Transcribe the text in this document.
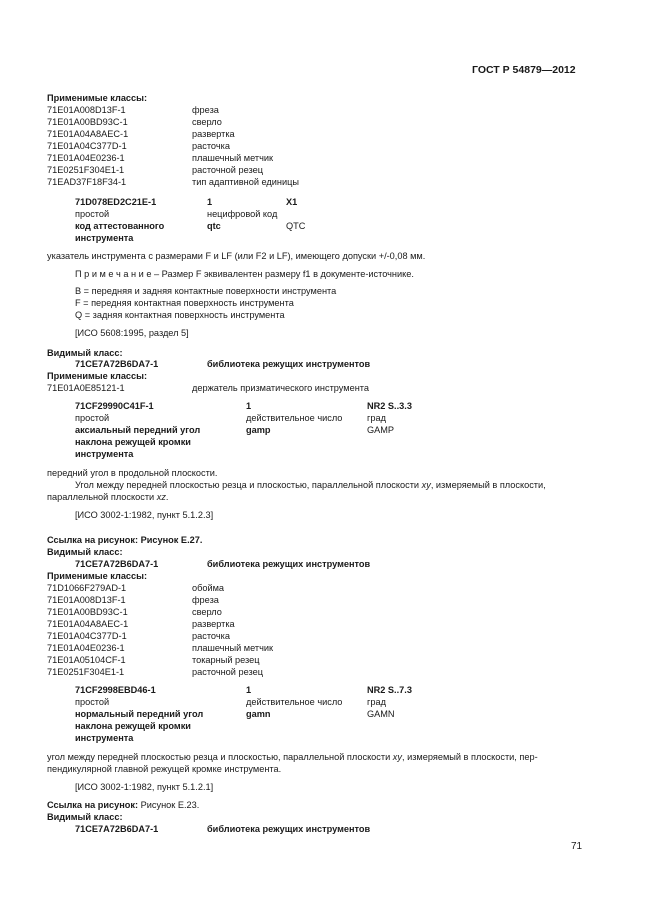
ГОСТ Р 54879—2012
Применимые классы:
71E01A008D13F-1	фреза
71E01A00BD93C-1	сверло
71E01A04A8AEC-1	развертка
71E01A04C377D-1	расточка
71E01A04E0236-1	плашечный метчик
71E0251F304E1-1	расточной резец
71EAD37F18F34-1	тип адаптивной единицы
71D078ED2C21E-1	1	X1
простой	нецифровой код
код аттестованного	qtc	QTC
инструмента
указатель инструмента с размерами F и LF (или F2 и LF), имеющего допуски +/-0,08 мм.
П р и м е ч а н и е – Размер F эквивалентен размеру f1 в документе-источнике.
В = передняя и задняя контактные поверхности инструмента
F = передняя контактная поверхность инструмента
Q = задняя контактная поверхность инструмента
[ИСО 5608:1995, раздел 5]
Видимый класс:
71CE7A72B6DA7-1	библиотека режущих инструментов
Применимые классы:
71E01A0E85121-1	держатель призматического инструмента
71CF29990C41F-1	1	NR2 S..3.3
простой	действительное число	град
аксиальный передний угол	gamp	GAMP
наклона режущей кромки
инструмента
передний угол в продольной плоскости.
Угол между передней плоскостью резца и плоскостью, параллельной плоскости xy, измеряемый в плоскости,
параллельной плоскости xz.
[ИСО 3002-1:1982, пункт 5.1.2.3]
Ссылка на рисунок: Рисунок Е.27.
Видимый класс:
71CE7A72B6DA7-1	библиотека режущих инструментов
Применимые классы:
71D1066F279AD-1	обойма
71E01A008D13F-1	фреза
71E01A00BD93C-1	сверло
71E01A04A8AEC-1	развертка
71E01A04C377D-1	расточка
71E01A04E0236-1	плашечный метчик
71E01A05104CF-1	токарный резец
71E0251F304E1-1	расточной резец
71CF2998EBD46-1	1	NR2 S..7.3
простой	действительное число	град
нормальный передний угол	gamn	GAMN
наклона режущей кромки
инструмента
угол между передней плоскостью резца и плоскостью, параллельной плоскости xy, измеряемый в плоскости, пер-
пендикулярной главной режущей кромке инструмента.
[ИСО 3002-1:1982, пункт 5.1.2.1]
Ссылка на рисунок: Рисунок Е.23.
Видимый класс:
71CE7A72B6DA7-1	библиотека режущих инструментов
71
